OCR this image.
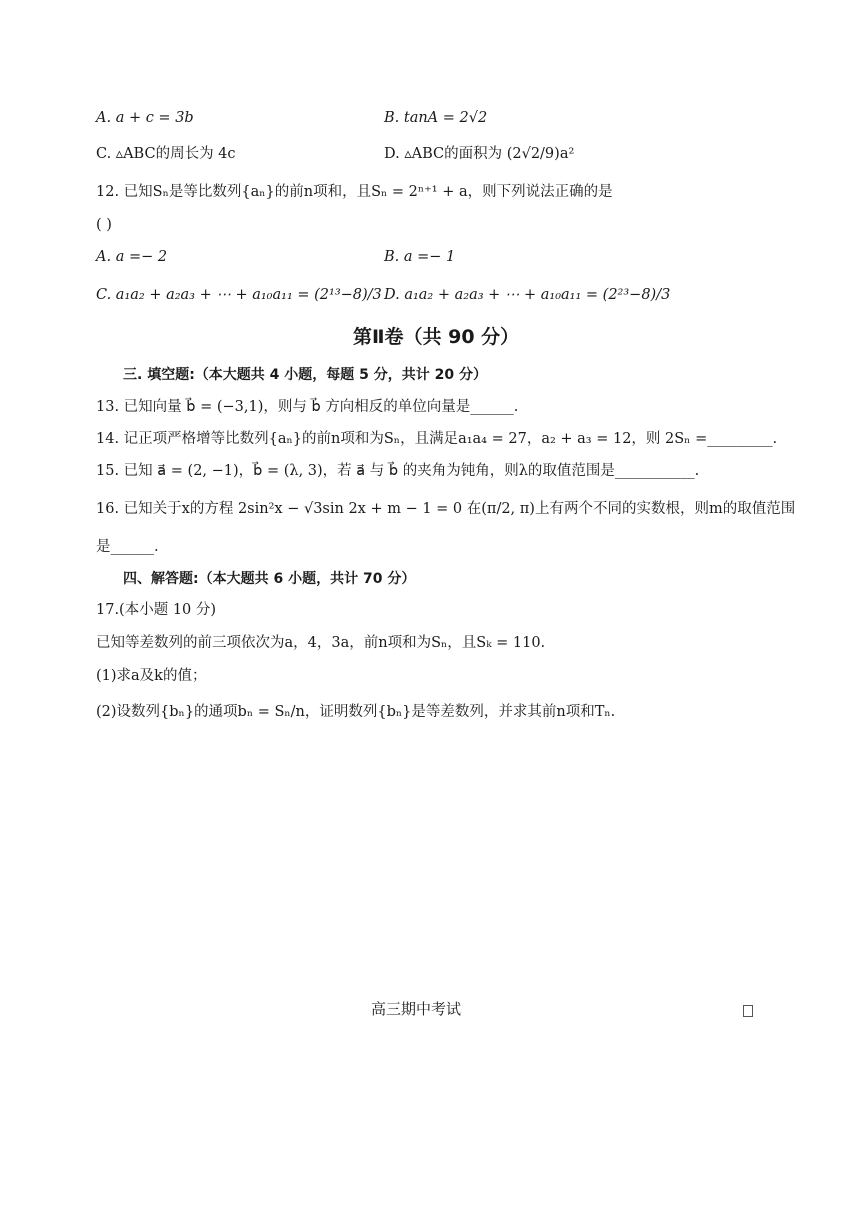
A. a + c = 3b	B. tanA = 2√2
C. ▵ABC的周长为 4c	D. ▵ABC的面积为 (2√2/9)a²
12. 已知Sₙ是等比数列{aₙ}的前n项和，且Sₙ = 2ⁿ⁺¹ + a，则下列说法正确的是
( )
A. a =− 2	B. a =− 1
C. a₁a₂ + a₂a₃ + ⋯ + a₁₀a₁₁ = (2¹³−8)/3 D. a₁a₂ + a₂a₃ + ⋯ + a₁₀a₁₁ = (2²³−8)/3
第Ⅱ卷（共 90 分）
三. 填空题:（本大题共 4 小题，每题 5 分，共计 20 分）
13. 已知向量 b⃗ = (−3,1)，则与 b⃗ 方向相反的单位向量是______.
14. 记正项严格增等比数列{aₙ}的前n项和为Sₙ，且满足a₁a₄ = 27，a₂ + a₃ = 12，则 2Sₙ =_________.
15. 已知 a⃗ = (2, −1)，b⃗ = (λ, 3)，若 a⃗ 与 b⃗ 的夹角为钝角，则λ的取值范围是___________.
16. 已知关于x的方程 2sin²x − √3sin 2x + m − 1 = 0 在(π/2, π)上有两个不同的实数根，则m的取值范围
是______.
四、解答题:（本大题共 6 小题，共计 70 分）
17.(本小题 10 分)
已知等差数列的前三项依次为a，4，3a，前n项和为Sₙ，且Sₖ = 110.
(1)求a及k的值；
(2)设数列{bₙ}的通项bₙ = Sₙ/n，证明数列{bₙ}是等差数列，并求其前n项和Tₙ.
高三期中考试
